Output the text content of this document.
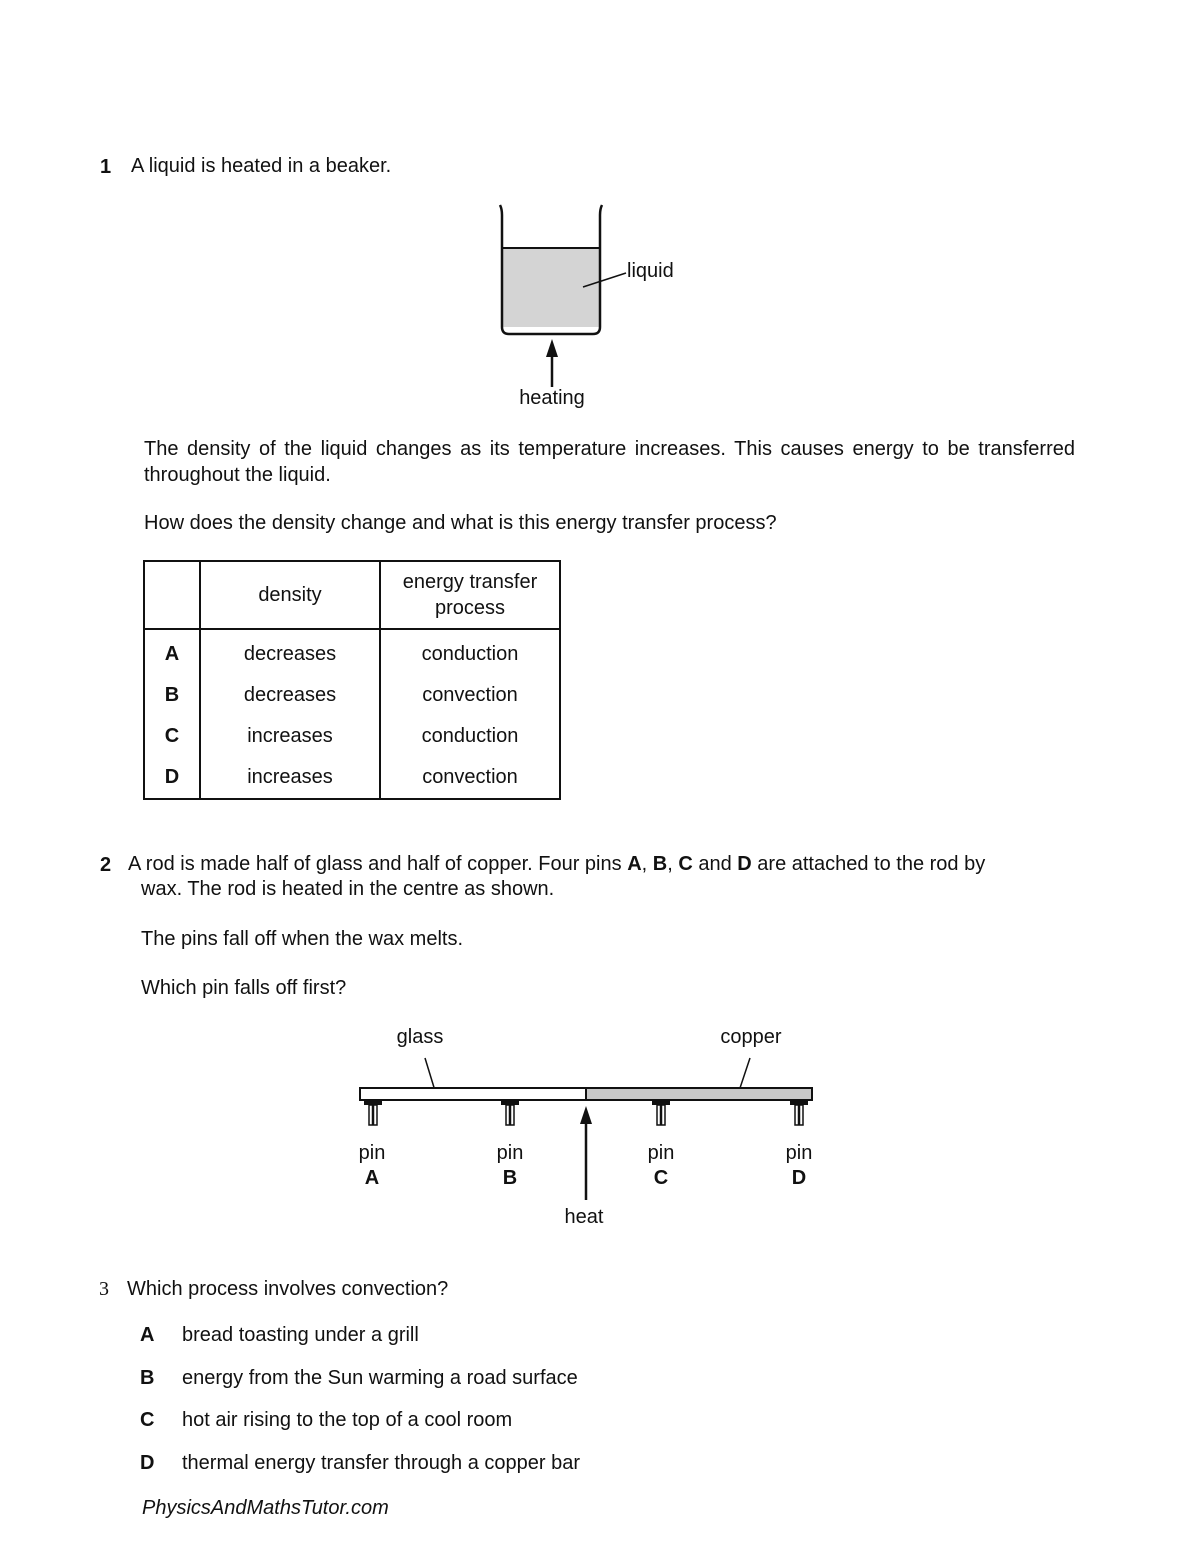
1 A liquid is heated in a beaker.
liquid
heating
The density of the liquid changes as its temperature increases. This causes energy to be transferred throughout the liquid.
How does the density change and what is this energy transfer process?
	density	energy transfer process

A	decreases	conduction
B	decreases	convection
C	increases	conduction
D	increases	convection
2 A rod is made half of glass and half of copper. Four pins A, B, C and D are attached to the rod by
wax. The rod is heated in the centre as shown.
The pins fall off when the wax melts.
Which pin falls off first?
glass	copper
pin
A
pin
B
pin
C
pin
D
heat
3 Which process involves convection?
A bread toasting under a grill
B energy from the Sun warming a road surface
C hot air rising to the top of a cool room
D thermal energy transfer through a copper bar
PhysicsAndMathsTutor.com
